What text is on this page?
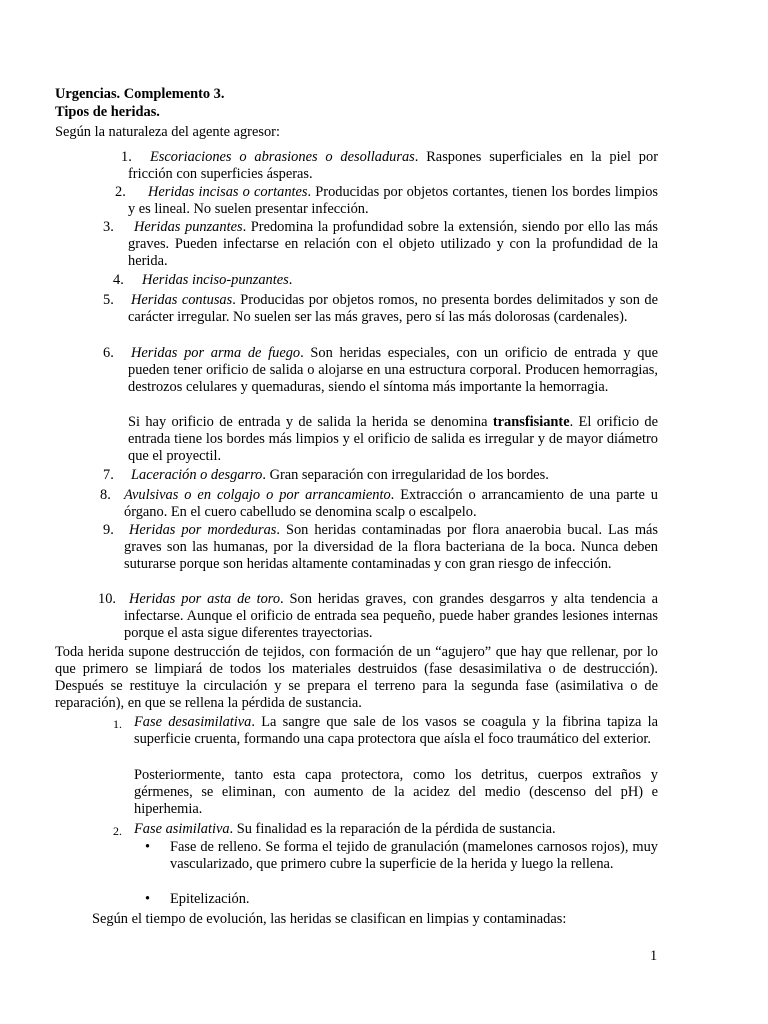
Urgencias. Complemento 3.
Tipos de heridas.
Según la naturaleza del agente agresor:
1.	Escoriaciones o abrasiones o desolladuras. Raspones superficiales en la piel por fricción con superficies ásperas.
2.	Heridas incisas o cortantes. Producidas por objetos cortantes, tienen los bordes limpios y es lineal. No suelen presentar infección.
3.	Heridas punzantes. Predomina la profundidad sobre la extensión, siendo por ello las más graves. Pueden infectarse en relación con el objeto utilizado y con la profundidad de la herida.
4. Heridas inciso-punzantes.
5. Heridas contusas. Producidas por objetos romos, no presenta bordes delimitados y son de carácter irregular. No suelen ser las más graves, pero sí las más dolorosas (cardenales).
6. Heridas por arma de fuego. Son heridas especiales, con un orificio de entrada y que pueden tener orificio de salida o alojarse en una estructura corporal. Producen hemorragias, destrozos celulares y quemaduras, siendo el síntoma más importante la hemorragia.
Si hay orificio de entrada y de salida la herida se denomina transfisiante. El orificio de entrada tiene los bordes más limpios y el orificio de salida es irregular y de mayor diámetro que el proyectil.
7. Laceración o desgarro. Gran separación con irregularidad de los bordes.
8. Avulsivas o en colgajo o por arrancamiento. Extracción o arrancamiento de una parte u órgano. En el cuero cabelludo se denomina scalp o escalpelo.
9.	Heridas por mordeduras. Son heridas contaminadas por flora anaerobia bucal. Las más graves son las humanas, por la diversidad de la flora bacteriana de la boca. Nunca deben suturarse porque son heridas altamente contaminadas y con gran riesgo de infección.
10. Heridas por asta de toro. Son heridas graves, con grandes desgarros y alta tendencia a infectarse. Aunque el orificio de entrada sea pequeño, puede haber grandes lesiones internas porque el asta sigue diferentes trayectorias.
Toda herida supone destrucción de tejidos, con formación de un “agujero” que hay que rellenar, por lo que primero se limpiará de todos los materiales destruidos (fase desasimilativa o de destrucción). Después se restituye la circulación y se prepara el terreno para la segunda fase (asimilativa o de reparación), en que se rellena la pérdida de sustancia.
1. Fase desasimilativa. La sangre que sale de los vasos se coagula y la fibrina tapiza la superficie cruenta, formando una capa protectora que aísla el foco traumático del exterior.
Posteriormente, tanto esta capa protectora, como los detritus, cuerpos extraños y gérmenes, se eliminan, con aumento de la acidez del medio (descenso del pH) e hiperhemia.
2. Fase asimilativa. Su finalidad es la reparación de la pérdida de sustancia.
• Fase de relleno. Se forma el tejido de granulación (mamelones carnosos rojos), muy vascularizado, que primero cubre la superficie de la herida y luego la rellena.
• Epitelización.
Según el tiempo de evolución, las heridas se clasifican en limpias y contaminadas:
1
